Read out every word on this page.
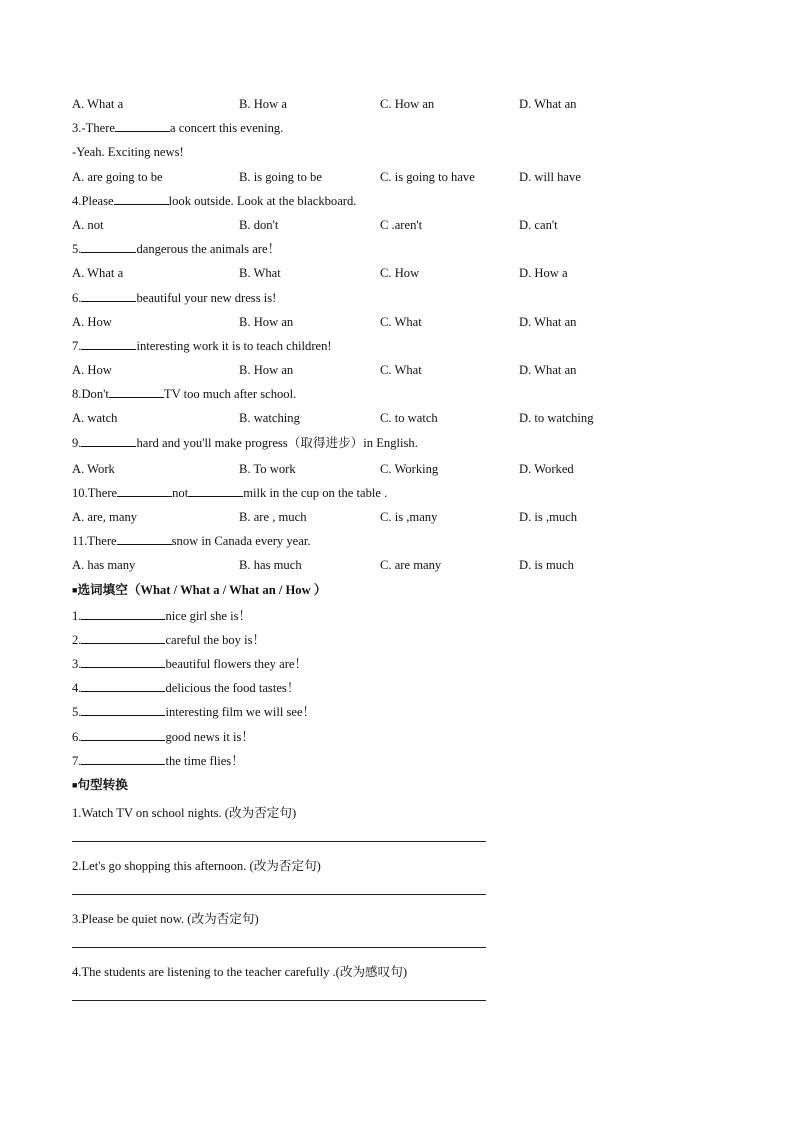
A. What a	B. How a	C. How an	D. What an
3.-There	a concert this evening.
-Yeah. Exciting news!
A. are going to be	B. is going to be	C. is going to have	D. will have
4.Please	look outside. Look at the blackboard.
A. not	B. don't	C .aren't	D. can't
5.	dangerous the animals are！
A. What a	B. What	C. How	D. How a
6.	beautiful your new dress is!
A. How	B. How an	C. What	D. What an
7.	interesting work it is to teach children!
A. How	B. How an	C. What	D. What an
8.Don't	TV too much after school.
A. watch	B. watching	C. to watch	D. to watching
9.	hard and you'll make progress（取得进步）in English.
A. Work	B. To work	C. Working	D. Worked
10.There	not	milk in the cup on the table .
A. are, many	B. are , much	C. is ,many	D. is ,much
11.There	snow in Canada every year.
A. has many	B. has much	C. are many	D. is much
■选词填空（What / What a / What an / How ）
1.	nice girl she is！
2.	careful the boy is！
3.	beautiful flowers they are！
4.	delicious the food tastes！
5.	interesting film we will see！
6.	good news it is！
7.	the time flies！
■句型转换
1.Watch TV on school nights. (改为否定句)
2.Let's go shopping this afternoon. (改为否定句)
3.Please be quiet now. (改为否定句)
4.The students are listening to the teacher carefully .(改为感叹句)
